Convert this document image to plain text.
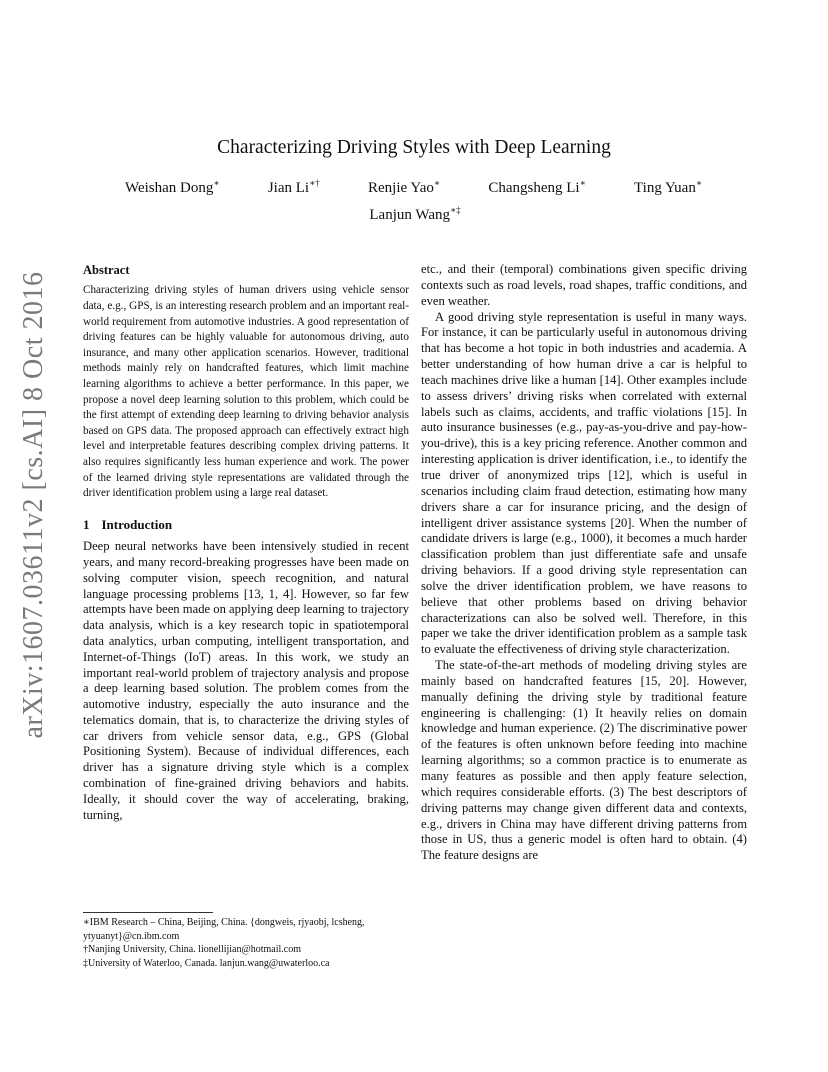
arXiv:1607.03611v2 [cs.AI] 8 Oct 2016
Characterizing Driving Styles with Deep Learning
Weishan Dong∗	Jian Li∗†	Renjie Yao∗	Changsheng Li∗	Ting Yuan∗
Lanjun Wang∗‡
Abstract

Characterizing driving styles of human drivers using vehicle sensor data, e.g., GPS, is an interesting research problem and an important real-world requirement from automotive industries. A good representation of driving features can be highly valuable for autonomous driving, auto insurance, and many other application scenarios. However, traditional methods mainly rely on handcrafted features, which limit machine learning algorithms to achieve a better performance. In this paper, we propose a novel deep learning solution to this problem, which could be the first attempt of extending deep learning to driving behavior analysis based on GPS data. The proposed approach can effectively extract high level and interpretable features describing complex driving patterns. It also requires significantly less human experience and work. The power of the learned driving style representations are validated through the driver identification problem using a large real dataset.

1 Introduction

Deep neural networks have been intensively studied in recent years, and many record-breaking progresses have been made on solving computer vision, speech recognition, and natural language processing problems [13, 1, 4]. However, so far few attempts have been made on applying deep learning to trajectory data analysis, which is a key research topic in spatiotemporal data analytics, urban computing, intelligent transportation, and Internet-of-Things (IoT) areas. In this work, we study an important real-world problem of trajectory analysis and propose a deep learning based solution. The problem comes from the automotive industry, especially the auto insurance and the telematics domain, that is, to characterize the driving styles of car drivers from vehicle sensor data, e.g., GPS (Global Positioning System). Because of individual differences, each driver has a signature driving style which is a complex combination of fine-grained driving behaviors and habits. Ideally, it should cover the way of accelerating, braking, turning,

etc., and their (temporal) combinations given specific driving contexts such as road levels, road shapes, traffic conditions, and even weather.

A good driving style representation is useful in many ways. For instance, it can be particularly useful in autonomous driving that has become a hot topic in both industries and academia. A better understanding of how human drive a car is helpful to teach machines drive like a human [14]. Other examples include to assess drivers’ driving risks when correlated with external labels such as claims, accidents, and traffic violations [15]. In auto insurance businesses (e.g., pay-as-you-drive and pay-how-you-drive), this is a key pricing reference. Another common and interesting application is driver identification, i.e., to identify the true driver of anonymized trips [12], which is useful in scenarios including claim fraud detection, estimating how many drivers share a car for insurance pricing, and the design of intelligent driver assistance systems [20]. When the number of candidate drivers is large (e.g., 1000), it becomes a much harder classification problem than just differentiate safe and unsafe driving behaviors. If a good driving style representation can solve the driver identification problem, we have reasons to believe that other problems based on driving behavior characterizations can also be solved well. Therefore, in this paper we take the driver identification problem as a sample task to evaluate the effectiveness of driving style characterization.

The state-of-the-art methods of modeling driving styles are mainly based on handcrafted features [15, 20]. However, manually defining the driving style by traditional feature engineering is challenging: (1) It heavily relies on domain knowledge and human experience. (2) The discriminative power of the features is often unknown before feeding into machine learning algorithms; so a common practice is to enumerate as many features as possible and then apply feature selection, which requires considerable efforts. (3) The best descriptors of driving patterns may change given different data and contexts, e.g., drivers in China may have different driving patterns from those in US, thus a generic model is often hard to obtain. (4) The feature designs are

∗IBM Research – China, Beijing, China. {dongweis, rjyaobj, lcsheng, ytyuanyt}@cn.ibm.com

†Nanjing University, China. lionellijian@hotmail.com

‡University of Waterloo, Canada. lanjun.wang@uwaterloo.ca
